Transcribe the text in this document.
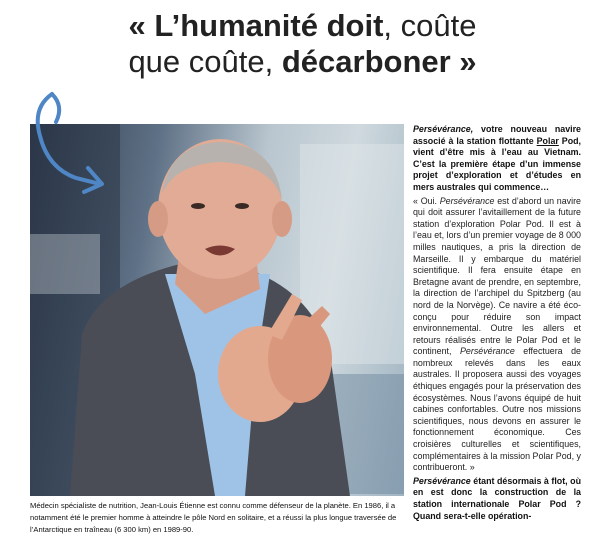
« L’humanité doit, coûte
que coûte, décarboner »
Médecin spécialiste de nutrition, Jean-Louis Étienne est connu comme défenseur de la planète. En 1986, il a notamment été le premier homme à atteindre le pôle Nord en solitaire, et a réussi la plus longue traversée de l’Antarctique en traîneau (6 300 km) en 1989-90.

Persévérance, votre nouveau navire associé à la station flottante Polar Pod, vient d’être mis à l’eau au Vietnam. C’est la première étape d’un immense projet d’exploration et d’études en mers australes qui commence…

« Oui. Persévérance est d’abord un navire qui doit assurer l’avitaillement de la future station d’exploration Polar Pod. Il est à l’eau et, lors d’un premier voyage de 8 000 milles nautiques, a pris la direction de Marseille. Il y embarque du matériel scientifique. Il fera ensuite étape en Bretagne avant de prendre, en septembre, la direction de l’archipel du Spitzberg (au nord de la Norvège). Ce navire a été éco-conçu pour réduire son impact environnemental. Outre les allers et retours réalisés entre le Polar Pod et le continent, Persévérance effectuera de nombreux relevés dans les eaux australes. Il proposera aussi des voyages éthiques engagés pour la préservation des écosystèmes. Nous l’avons équipé de huit cabines confortables. Outre nos missions scientifiques, nous devons en assurer le fonctionnement économique. Ces croisières culturelles et scientifiques, complémentaires à la mission Polar Pod, y contribueront. »

Persévérance étant désormais à flot, où en est donc la construction de la station internationale Polar Pod ? Quand sera-t-elle opération-
